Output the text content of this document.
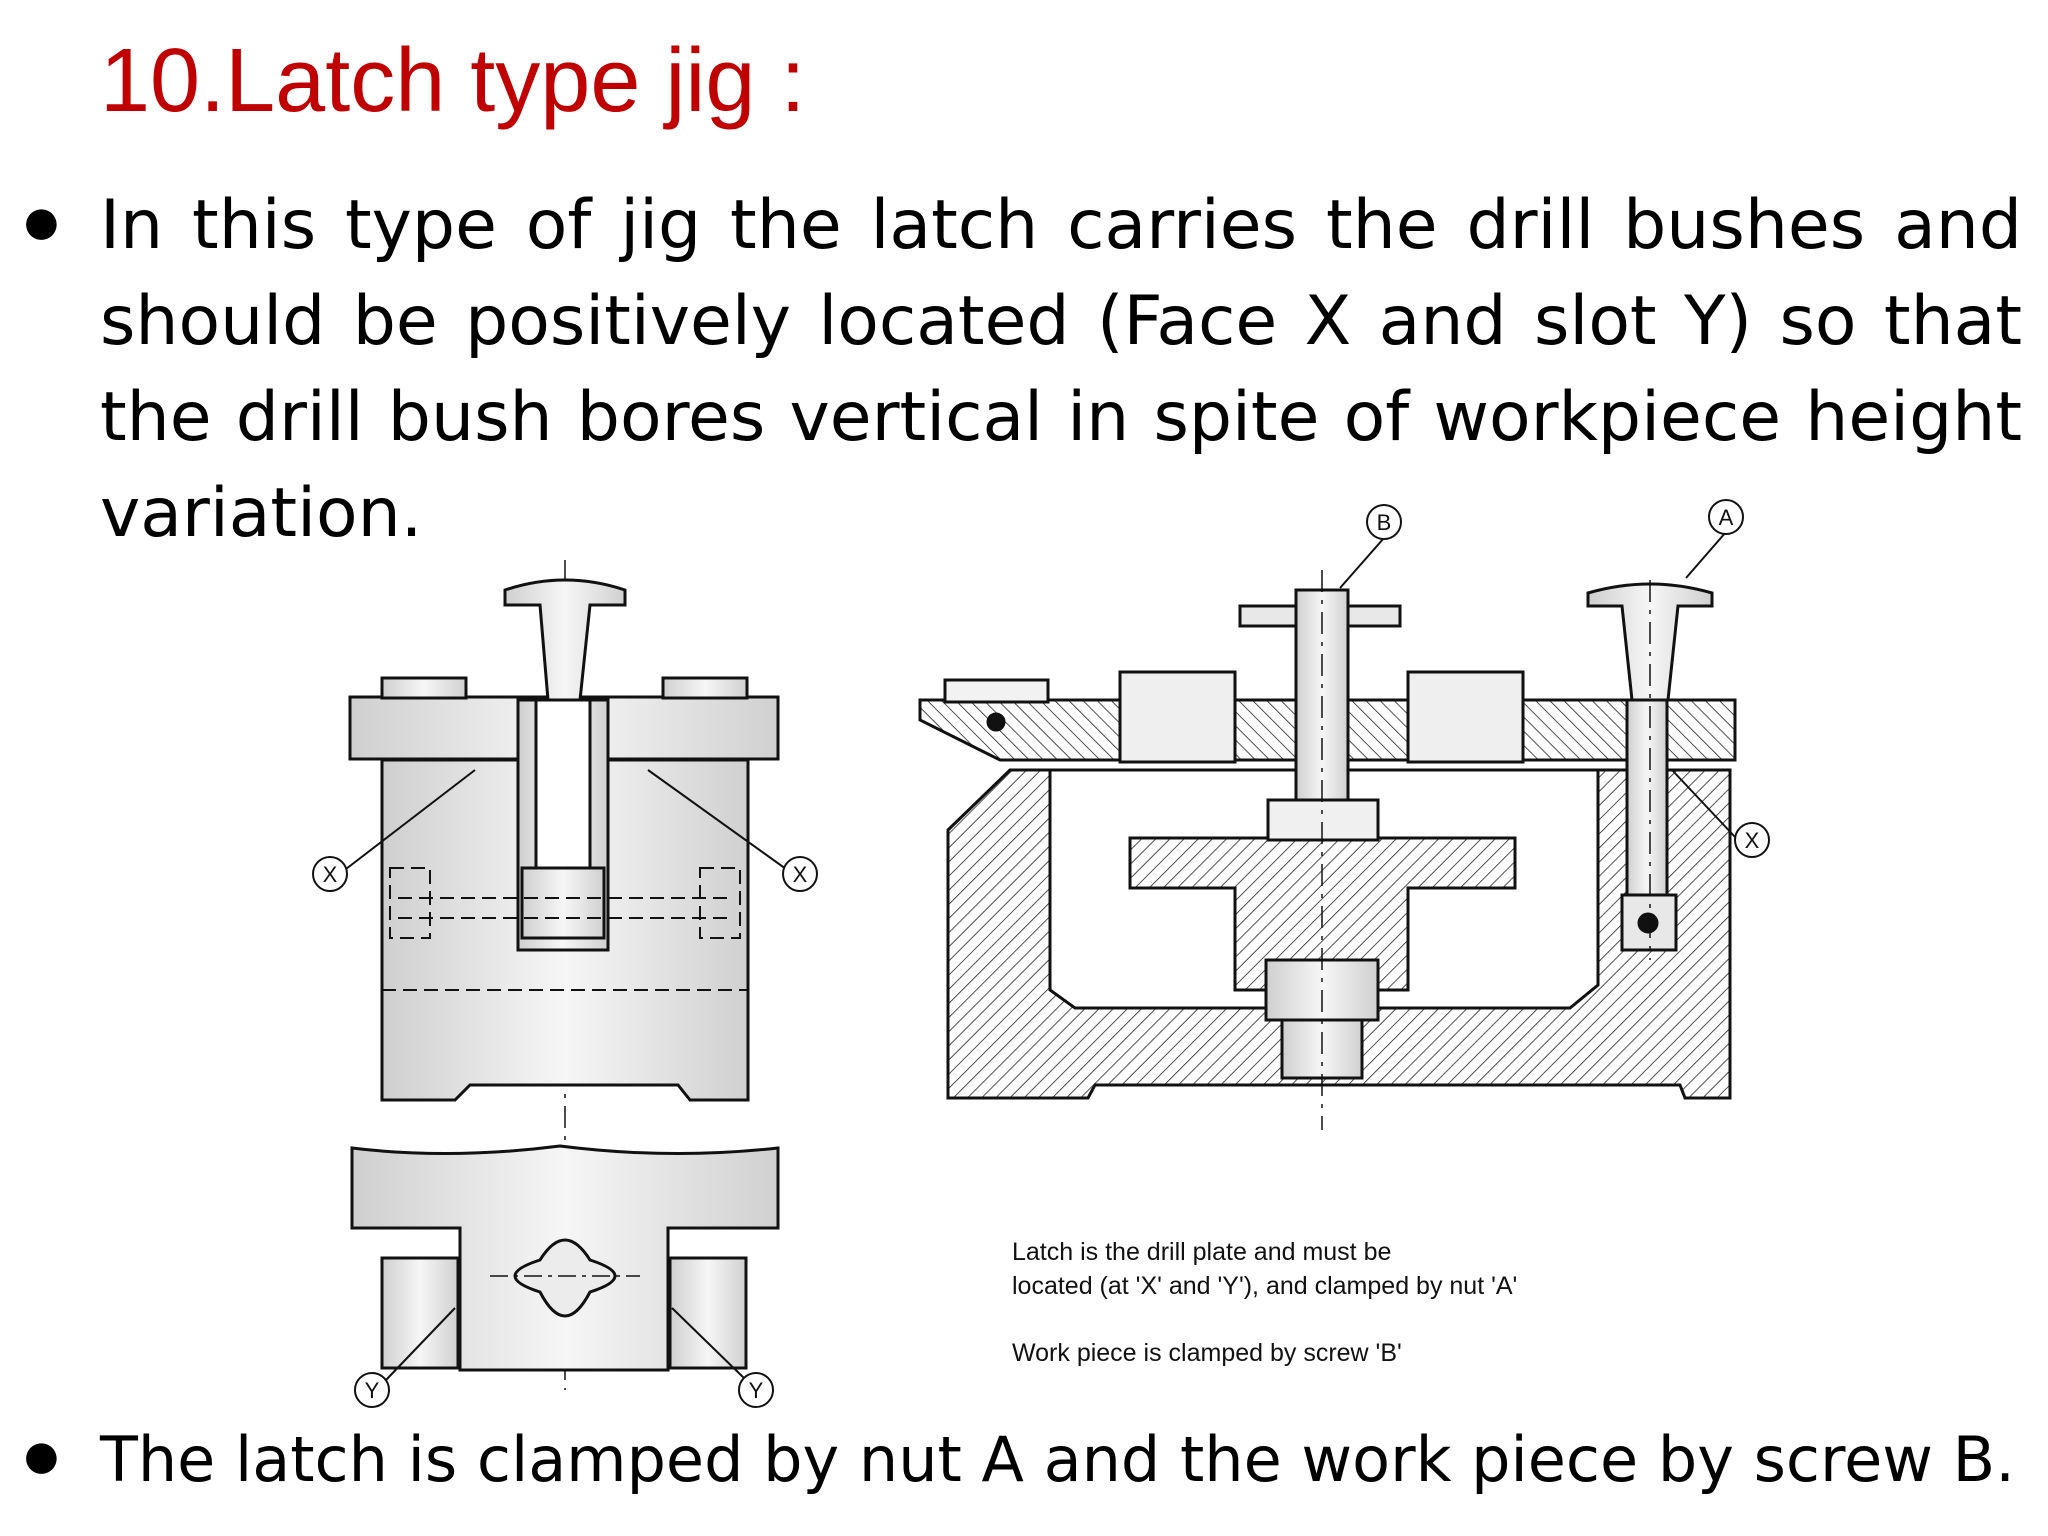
10.Latch type jig :
● In this type of jig the latch carries the drill bushes and should be positively located (Face X and slot Y) so that the drill bush bores vertical in spite of workpiece height variation.

X	X
Y	Y
X
B	A

Latch is the drill plate and must be

located (at 'X' and 'Y'), and clamped by nut 'A'

Work piece is clamped by screw 'B'

● The latch is clamped by nut A and the work piece by screw B.
